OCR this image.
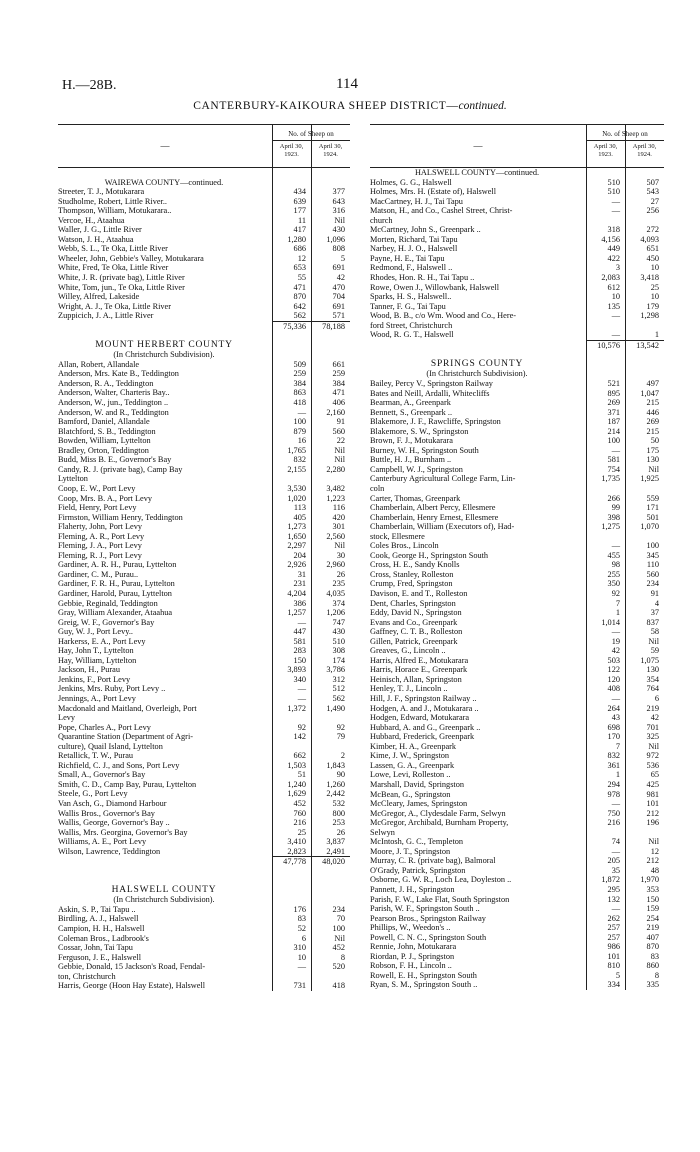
H.—28B.	114
CANTERBURY-KAIKOURA SHEEP DISTRICT—continued.
—
No. of Sheep on
April 30, 1923.
April 30, 1924.
WAIREWA COUNTY—continued.
Streeter, T. J., Motukarara	434	377
Studholme, Robert, Little River..	639	643
Thompson, William, Motukarara..	177	316
Vercoe, H., Ataahua	11	Nil
Waller, J. G., Little River	417	430
Watson, J. H., Ataahua	1,280	1,096
Webb, S. L., Te Oka, Little River	686	808
Wheeler, John, Gebbie's Valley, Motukarara	12	5
White, Fred, Te Oka, Little River	653	691
White, J. R. (private bag), Little River	55	42
White, Tom, jun., Te Oka, Little River	471	470
Willey, Alfred, Lakeside	870	704
Wright, A. J., Te Oka, Little River	642	691
Zuppicich, J. A., Little River	562	571
75,336	78,188
MOUNT HERBERT COUNTY
(In Christchurch Subdivision).
Allan, Robert, Allandale	509	661
Anderson, Mrs. Kate B., Teddington	259	259
Anderson, R. A., Teddington	384	384
Anderson, Walter, Charteris Bay..	863	471
Anderson, W., jun., Teddington ..	418	406
Anderson, W. and R., Teddington	—	2,160
Bamford, Daniel, Allandale	100	91
Blatchford, S. B., Teddington	879	560
Bowden, William, Lyttelton	16	22
Bradley, Orton, Teddington	1,765	Nil
Budd, Miss B. E., Governor's Bay	832	Nil
Candy, R. J. (private bag), Camp Bay	2,155	2,280
Lyttelton
Coop, E. W., Port Levy	3,530	3,482
Coop, Mrs. B. A., Port Levy	1,020	1,223
Field, Henry, Port Levy	113	116
Firmston, William Henry, Teddington	405	420
Flaherty, John, Port Levy	1,273	301
Fleming, A. R., Port Levy	1,650	2,560
Fleming, J. A., Port Levy	2,297	Nil
Fleming, R. J., Port Levy	204	30
Gardiner, A. R. H., Purau, Lyttelton	2,926	2,960
Gardiner, C. M., Purau..	31	26
Gardiner, F. R. H., Purau, Lyttelton	231	235
Gardiner, Harold, Purau, Lyttelton	4,204	4,035
Gebbie, Reginald, Teddington	386	374
Gray, William Alexander, Ataahua	1,257	1,206
Greig, W. F., Governor's Bay	—	747
Guy, W. J., Port Levy..	447	430
Harkerss, E. A., Port Levy	581	510
Hay, John T., Lyttelton	283	308
Hay, William, Lyttelton	150	174
Jackson, H., Purau	3,893	3,786
Jenkins, F., Port Levy	340	312
Jenkins, Mrs. Ruby, Port Levy ..	—	512
Jennings, A., Port Levy	—	562
Macdonald and Maitland, Overleigh, Port	1,372	1,490
Levy
Pope, Charles A., Port Levy	92	92
Quarantine Station (Department of Agri-	142	79
culture), Quail Island, Lyttelton
Retallick, T. W., Purau	662	2
Richfield, C. J., and Sons, Port Levy	1,503	1,843
Small, A., Governor's Bay	51	90
Smith, C. D., Camp Bay, Purau, Lyttelton	1,240	1,260
Steele, G., Port Levy	1,629	2,442
Van Asch, G., Diamond Harbour	452	532
Wallis Bros., Governor's Bay	760	800
Wallis, George, Governor's Bay ..	216	253
Wallis, Mrs. Georgina, Governor's Bay	25	26
Williams, A. E., Port Levy	3,410	3,837
Wilson, Lawrence, Teddington	2,823	2,491
47,778	48,020
HALSWELL COUNTY
(In Christchurch Subdivision).
Askin, S. P., Tai Tapu ..	176	234
Birdling, A. J., Halswell	83	70
Campion, H. H., Halswell	52	100
Coleman Bros., Ladbrook's	6	Nil
Cossar, John, Tai Tapu	310	452
Ferguson, J. E., Halswell	10	8
Gebbie, Donald, 15 Jackson's Road, Fendal-	—	520
ton, Christchurch
Harris, George (Hoon Hay Estate), Halswell	731	418
—
No. of Sheep on
April 30, 1923.
April 30, 1924.
HALSWELL COUNTY—continued.
Holmes, G. G., Halswell	510	507
Holmes, Mrs. H. (Estate of), Halswell	510	543
MacCartney, H. J., Tai Tapu	—	27
Matson, H., and Co., Cashel Street, Christ-	—	256
church
McCartney, John S., Greenpark ..	318	272
Morten, Richard, Tai Tapu	4,156	4,093
Narbey, H. J. O., Halswell	449	651
Payne, H. E., Tai Tapu	422	450
Redmond, F., Halswell ..	3	10
Rhodes, Hon. R. H., Tai Tapu ..	2,083	3,418
Rowe, Owen J., Willowbank, Halswell	612	25
Sparks, H. S., Halswell..	10	10
Tanner, F. G., Tai Tapu	135	179
Wood, B. B., c/o Wm. Wood and Co., Here-	—	1,298
ford Street, Christchurch
Wood, R. G. T., Halswell	—	1
10,576	13,542
SPRINGS COUNTY
(In Christchurch Subdivision).
Bailey, Percy V., Springston Railway	521	497
Bates and Neill, Ardalli, Whitecliffs	895	1,047
Bearman, A., Greenpark	269	215
Bennett, S., Greenpark ..	371	446
Blakemore, J. F., Rawcliffe, Springston	187	269
Blakemore, S. W., Springston	214	215
Brown, F. J., Motukarara	100	50
Burney, W. H., Springston South	—	175
Buttle, H. J., Burnham ..	581	130
Campbell, W. J., Springston	754	Nil
Canterbury Agricultural College Farm, Lin-	1,735	1,925
coln
Carter, Thomas, Greenpark	266	559
Chamberlain, Albert Percy, Ellesmere	99	171
Chamberlain, Henry Ernest, Ellesmere	398	501
Chamberlain, William (Executors of), Had-	1,275	1,070
stock, Ellesmere
Coles Bros., Lincoln	—	100
Cook, George H., Springston South	455	345
Cross, H. E., Sandy Knolls	98	110
Cross, Stanley, Rolleston	255	560
Crump, Fred, Springston	350	234
Davison, E. and T., Rolleston	92	91
Dent, Charles, Springston	7	4
Eddy, David N., Springston	1	37
Evans and Co., Greenpark	1,014	837
Gaffney, C. T. B., Rolleston	—	58
Gillen, Patrick, Greenpark	19	Nil
Greaves, G., Lincoln ..	42	59
Harris, Alfred E., Motukarara	503	1,075
Harris, Horace E., Greenpark	122	130
Heinisch, Allan, Springston	120	354
Henley, T. J., Lincoln ..	408	764
Hill, J. F., Springston Railway ..	—	6
Hodgen, A. and J., Motukarara ..	264	219
Hodgen, Edward, Motukarara	43	42
Hubbard, A. and G., Greenpark ..	698	701
Hubbard, Frederick, Greenpark	170	325
Kimber, H. A., Greenpark	7	Nil
Kime, J. W., Springston	832	972
Lassen, G. A., Greenpark	361	536
Lowe, Levi, Rolleston ..	1	65
Marshall, David, Springston	294	425
McBean, G., Springston	978	981
McCleary, James, Springston	—	101
McGregor, A., Clydesdale Farm, Selwyn	750	212
McGregor, Archibald, Burnham Property,	216	196
Selwyn
McIntosh, G. C., Templeton	74	Nil
Moore, J. T., Springston	—	12
Murray, C. R. (private bag), Balmoral	205	212
O'Grady, Patrick, Springston	35	48
Osborne, G. W. R., Loch Lea, Doyleston ..	1,872	1,970
Pannett, J. H., Springston	295	353
Parish, F. W., Lake Flat, South Springston	132	150
Parish, W. F., Springston South ..	—	159
Pearson Bros., Springston Railway	262	254
Phillips, W., Weedon's ..	257	219
Powell, C. N. C., Springston South	257	407
Rennie, John, Motukarara	986	870
Riordan, P. J., Springston	101	83
Robson, F. H., Lincoln ..	810	860
Rowell, E. H., Springston South	5	8
Ryan, S. M., Springston South ..	334	335
